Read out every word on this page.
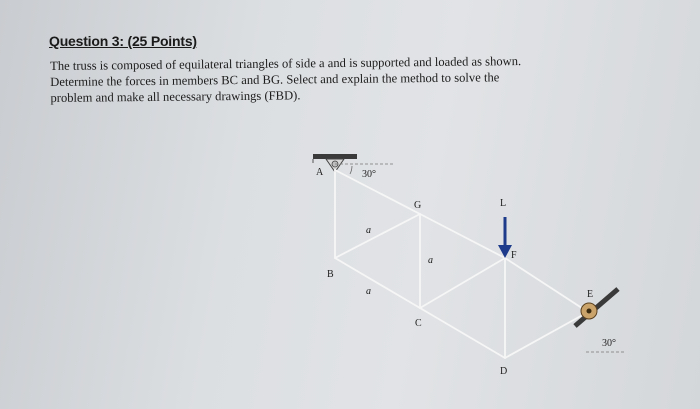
Question 3: (25 Points)
The truss is composed of equilateral triangles of side a and is supported and loaded as shown.
Determine the forces in members BC and BG. Select and explain the method to solve the
problem and make all necessary drawings (FBD).
A
B
C
D
E
F
G	L
a
a
a
30°
30°
